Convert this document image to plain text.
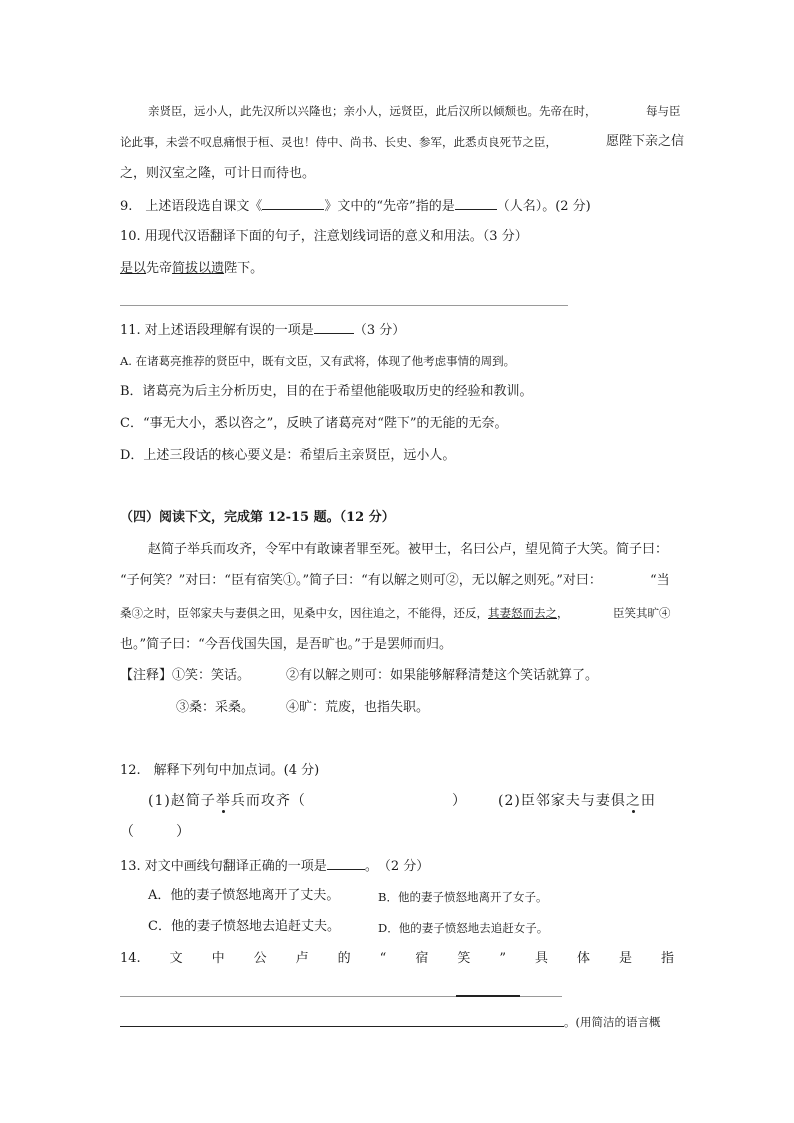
亲贤臣，远小人，此先汉所以兴隆也；亲小人，远贤臣，此后汉所以倾颓也。先帝在时，	每与臣
论此事，未尝不叹息痛恨于桓、灵也！侍中、尚书、长史、参军，此悉贞良死节之臣，	愿陛下亲之信
之，则汉室之隆，可计日而待也。
9.　上述语段选自课文《	》文中的“先帝”指的是	（人名）。(2 分)
10. 用现代汉语翻译下面的句子，注意划线词语的意义和用法。（3 分）
是以先帝简拔以遗陛下。
11. 对上述语段理解有误的一项是	（3 分）
A. 在诸葛亮推荐的贤臣中，既有文臣，又有武将，体现了他考虑事情的周到。
B．诸葛亮为后主分析历史，目的在于希望他能吸取历史的经验和教训。
C．“事无大小，悉以咨之”，反映了诸葛亮对“陛下”的无能的无奈。
D．上述三段话的核心要义是：希望后主亲贤臣，远小人。
（四）阅读下文，完成第 12-15 题。（12 分）
赵简子举兵而攻齐，令军中有敢谏者罪至死。被甲士，名曰公卢，望见简子大笑。简子曰：
“子何笑？”对曰：“臣有宿笑①。”简子曰：“有以解之则可②，无以解之则死。”对曰：	“当
桑③之时，臣邻家夫与妻俱之田，见桑中女，因往追之，不能得，还反，其妻怒而去之，	臣笑其旷④
也。”简子曰：“今吾伐国失国，是吾旷也。”于是罢师而归。
【注释】①笑：笑话。	②有以解之则可：如果能够解释清楚这个笑话就算了。
③桑：采桑。 ④旷：荒废，也指失职。
12.　解释下列句中加点词。(4 分)
(1)赵简子举兵而攻齐（	） (2)臣邻家夫与妻俱之田
（　　　）
13. 对文中画线句翻译正确的一项是	。　（2 分）
A．他的妻子愤怒地离开了丈夫。	B．他的妻子愤怒地离开了女子。
C．他的妻子愤怒地去追赶丈夫。	D．他的妻子愤怒地去追赶女子。
14. 文 中 公 卢 的 “ 宿 笑 ” 具 体 是 指
。(用简洁的语言概
